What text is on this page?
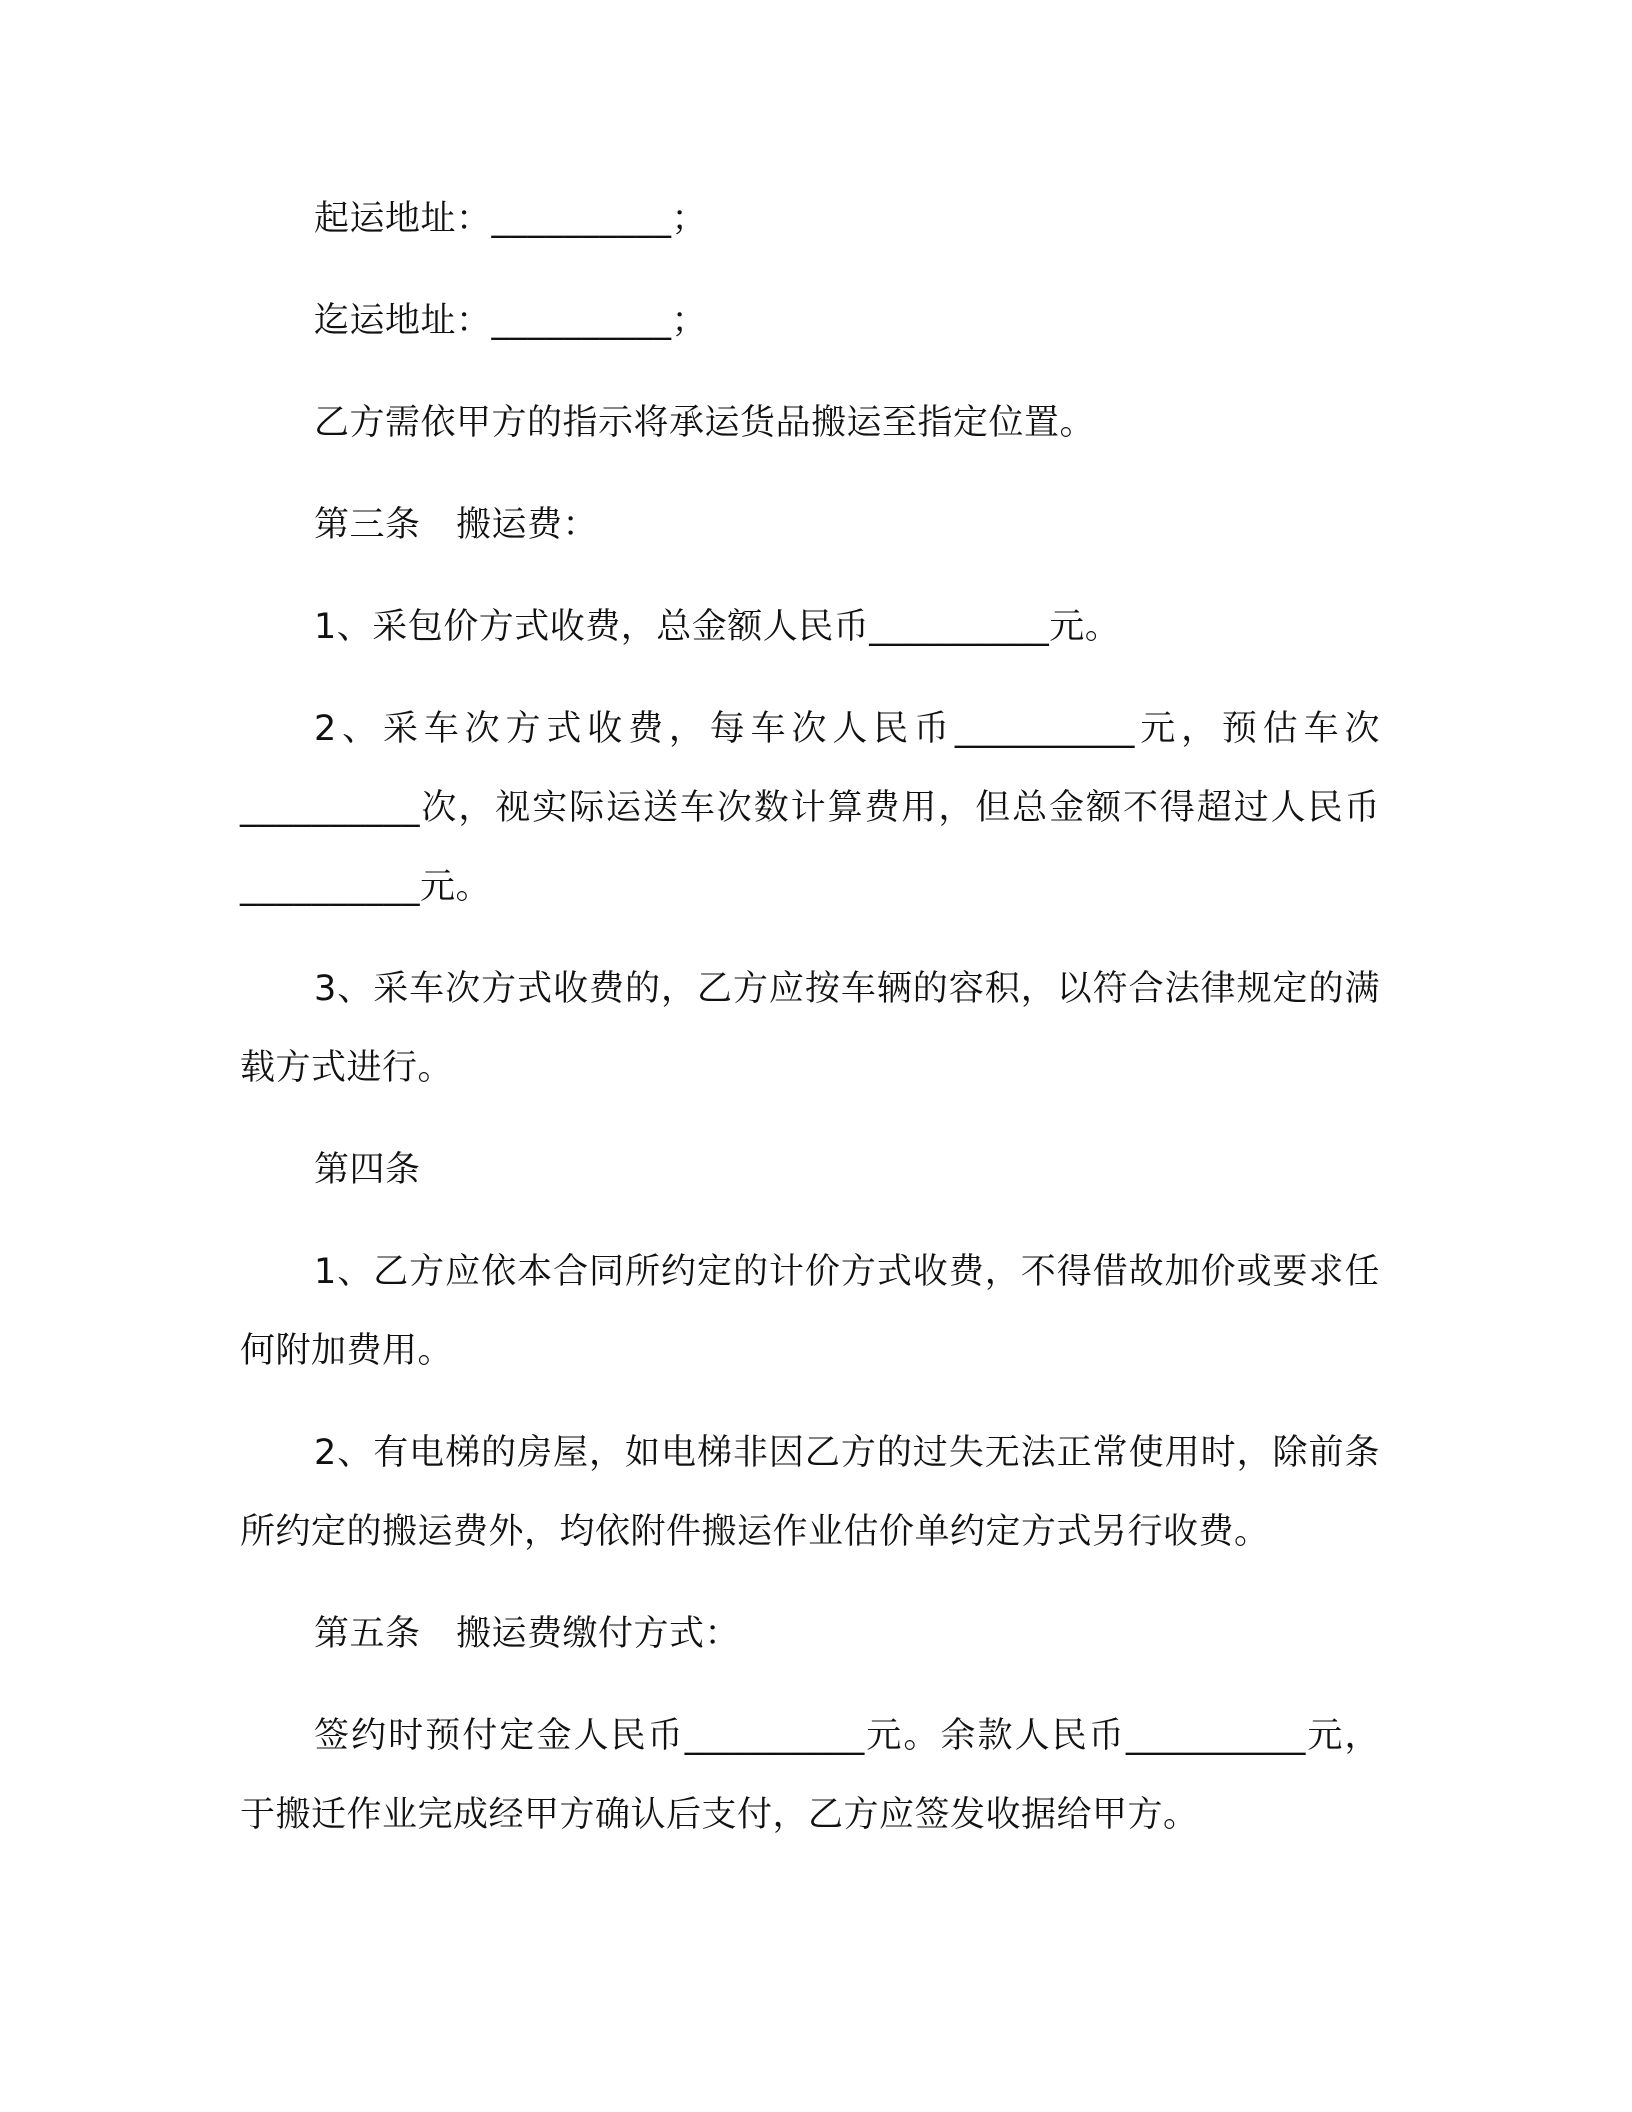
起运地址：__________；

迄运地址：__________；

乙方需依甲方的指示将承运货品搬运至指定位置。

第三条　搬运费：

1、采包价方式收费，总金额人民币__________元。

2、采车次方式收费，每车次人民币__________元，预估车次__________次，视实际运送车次数计算费用，但总金额不得超过人民币__________元。

3、采车次方式收费的，乙方应按车辆的容积，以符合法律规定的满载方式进行。

第四条

1、乙方应依本合同所约定的计价方式收费，不得借故加价或要求任何附加费用。

2、有电梯的房屋，如电梯非因乙方的过失无法正常使用时，除前条所约定的搬运费外，均依附件搬运作业估价单约定方式另行收费。

第五条　搬运费缴付方式：

签约时预付定金人民币__________元。余款人民币__________元，于搬迁作业完成经甲方确认后支付，乙方应签发收据给甲方。
